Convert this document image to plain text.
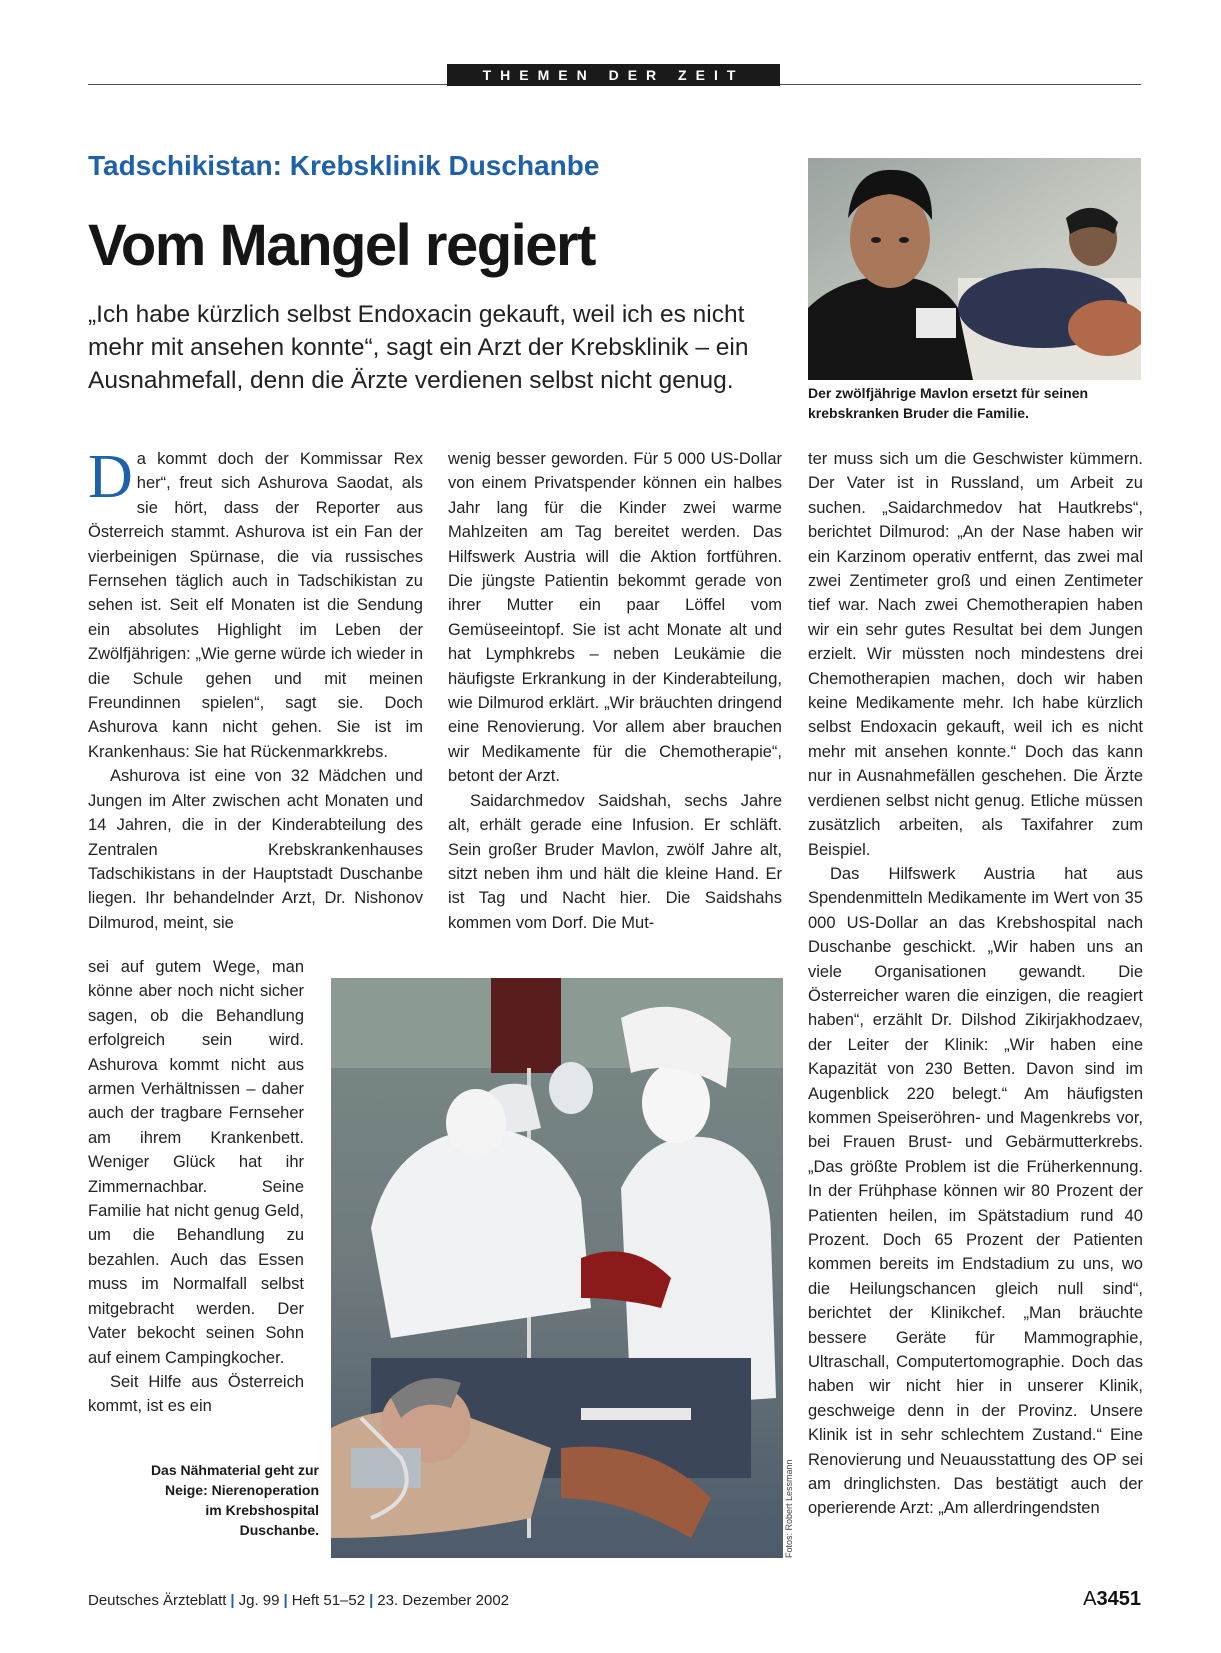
THEMEN DER ZEIT
Tadschikistan: Krebsklinik Duschanbe
Vom Mangel regiert
„Ich habe kürzlich selbst Endoxacin gekauft, weil ich es nicht mehr mit ansehen konnte“, sagt ein Arzt der Krebsklinik – ein Ausnahmefall, denn die Ärzte verdienen selbst nicht genug.	Der zwölfjährige Mavlon ersetzt für seinen krebskranken Bruder die Familie.

Da kommt doch der Kommissar Rex her“, freut sich Ashurova Saodat, als sie hört, dass der Reporter aus Österreich stammt. Ashurova ist ein Fan der vierbeinigen Spürnase, die via russisches Fernsehen täglich auch in Tadschikistan zu sehen ist. Seit elf Monaten ist die Sendung ein absolutes Highlight im Leben der Zwölfjährigen: „Wie gerne würde ich wieder in die Schule gehen und mit meinen Freundinnen spielen“, sagt sie. Doch Ashurova kann nicht gehen. Sie ist im Krankenhaus: Sie hat Rückenmarkkrebs.

Ashurova ist eine von 32 Mädchen und Jungen im Alter zwischen acht Monaten und 14 Jahren, die in der Kinderabteilung des Zentralen Krebskrankenhauses Tadschikistans in der Hauptstadt Duschanbe liegen. Ihr behandelnder Arzt, Dr. Nishonov Dilmurod, meint, sie

sei auf gutem Wege, man könne aber noch nicht sicher sagen, ob die Behandlung erfolgreich sein wird. Ashurova kommt nicht aus armen Verhältnissen – daher auch der tragbare Fernseher am ihrem Krankenbett. Weniger Glück hat ihr Zimmernachbar. Seine Familie hat nicht genug Geld, um die Behandlung zu bezahlen. Auch das Essen muss im Normalfall selbst mitgebracht werden. Der Vater bekocht seinen Sohn auf einem Campingkocher.

Seit Hilfe aus Österreich kommt, ist es ein

wenig besser geworden. Für 5 000 US-Dollar von einem Privatspender können ein halbes Jahr lang für die Kinder zwei warme Mahlzeiten am Tag bereitet werden. Das Hilfswerk Austria will die Aktion fortführen. Die jüngste Patientin bekommt gerade von ihrer Mutter ein paar Löffel vom Gemüseeintopf. Sie ist acht Monate alt und hat Lymphkrebs – neben Leukämie die häufigste Erkrankung in der Kinderabteilung, wie Dilmurod erklärt. „Wir bräuchten dringend eine Renovierung. Vor allem aber brauchen wir Medikamente für die Chemotherapie“, betont der Arzt.

Saidarchmedov Saidshah, sechs Jahre alt, erhält gerade eine Infusion. Er schläft. Sein großer Bruder Mavlon, zwölf Jahre alt, sitzt neben ihm und hält die kleine Hand. Er ist Tag und Nacht hier. Die Saidshahs kommen vom Dorf. Die Mut-

ter muss sich um die Geschwister kümmern. Der Vater ist in Russland, um Arbeit zu suchen. „Saidarchmedov hat Hautkrebs“, berichtet Dilmurod: „An der Nase haben wir ein Karzinom operativ entfernt, das zwei mal zwei Zentimeter groß und einen Zentimeter tief war. Nach zwei Chemotherapien haben wir ein sehr gutes Resultat bei dem Jungen erzielt. Wir müssten noch mindestens drei Chemotherapien machen, doch wir haben keine Medikamente mehr. Ich habe kürzlich selbst Endoxacin gekauft, weil ich es nicht mehr mit ansehen konnte.“ Doch das kann nur in Ausnahmefällen geschehen. Die Ärzte verdienen selbst nicht genug. Etliche müssen zusätzlich arbeiten, als Taxifahrer zum Beispiel.

Das Hilfswerk Austria hat aus Spendenmitteln Medikamente im Wert von 35 000 US-Dollar an das Krebshospital nach Duschanbe geschickt. „Wir haben uns an viele Organisationen gewandt. Die Österreicher waren die einzigen, die reagiert haben“, erzählt Dr. Dilshod Zikirjakhodzaev, der Leiter der Klinik: „Wir haben eine Kapazität von 230 Betten. Davon sind im Augenblick 220 belegt.“ Am häufigsten kommen Speiseröhren- und Magenkrebs vor, bei Frauen Brust- und Gebärmutterkrebs. „Das größte Problem ist die Früherkennung. In der Frühphase können wir 80 Prozent der Patienten heilen, im Spätstadium rund 40 Prozent. Doch 65 Prozent der Patienten kommen bereits im Endstadium zu uns, wo die Heilungschancen gleich null sind“, berichtet der Klinikchef. „Man bräuchte bessere Geräte für Mammographie, Ultraschall, Computertomographie. Doch das haben wir nicht hier in unserer Klinik, geschweige denn in der Provinz. Unsere Klinik ist in sehr schlechtem Zustand.“ Eine Renovierung und Neuausstattung des OP sei am dringlichsten. Das bestätigt auch der operierende Arzt: „Am allerdringendsten

Fotos: Robert Lessmann
Das Nähmaterial geht zur Neige: Nierenoperation im Krebshospital Duschanbe.
Deutsches Ärzteblatt | Jg. 99 | Heft 51–52 | 23. Dezember 2002	A3451
